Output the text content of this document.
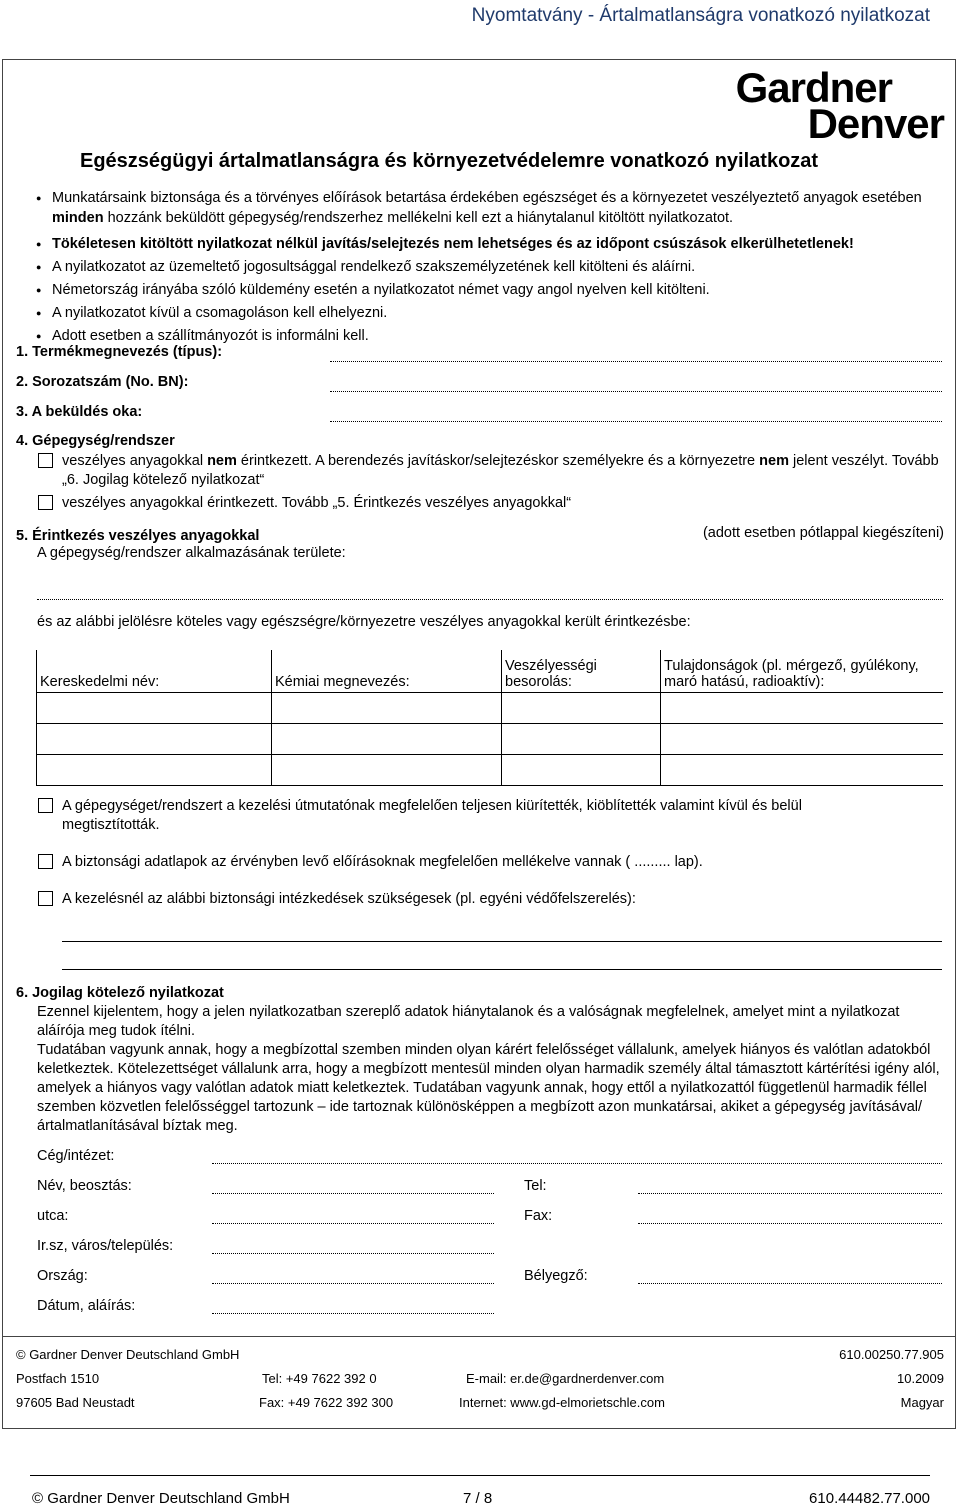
Nyomtatvány - Ártalmatlanságra vonatkozó nyilatkozat
Gardner
Denver
Egészségügyi ártalmatlanságra és környezetvédelemre vonatkozó nyilatkozat
● Munkatársaink biztonsága és a törvényes előírások betartása érdekében egészséget és a környezetet veszélyeztető anyagok esetében minden hozzánk beküldött gépegység/rendszerhez mellékelni kell ezt a hiánytalanul kitöltött nyilatkozatot.
● Tökéletesen kitöltött nyilatkozat nélkül javítás/selejtezés nem lehetséges és az időpont csúszások elkerülhetetlenek!
● A nyilatkozatot az üzemeltető jogosultsággal rendelkező szakszemélyzetének kell kitölteni és aláírni.
● Németország irányába szóló küldemény esetén a nyilatkozatot német vagy angol nyelven kell kitölteni.
● A nyilatkozatot kívül a csomagoláson kell elhelyezni.
● Adott esetben a szállítmányozót is informálni kell.
1. Termékmegnevezés (típus):
2. Sorozatszám (No. BN):
3. A beküldés oka:
4. Gépegység/rendszer
veszélyes anyagokkal nem érintkezett. A berendezés javításkor/selejtezéskor személyekre és a környezetre nem jelent veszélyt. Tovább „6. Jogilag kötelező nyilatkozat“
veszélyes anyagokkal érintkezett. Tovább „5. Érintkezés veszélyes anyagokkal“
5. Érintkezés veszélyes anyagokkal	(adott esetben pótlappal kiegészíteni)
A gépegység/rendszer alkalmazásának területe:
és az alábbi jelölésre köteles vagy egészségre/környezetre veszélyes anyagokkal került érintkezésbe:
Kereskedelmi név:	Kémiai megnevezés:	Veszélyességi besorolás:	Tulajdonságok (pl. mérgező, gyúlékony, maró hatású, radioaktív):

A gépegységet/rendszert a kezelési útmutatónak megfelelően teljesen kiürítették, kiöblítették valamint kívül és belül megtisztították.
A biztonsági adatlapok az érvényben levő előírásoknak megfelelően mellékelve vannak ( ......... lap).
A kezelésnél az alábbi biztonsági intézkedések szükségesek (pl. egyéni védőfelszerelés):
6. Jogilag kötelező nyilatkozat
Ezennel kijelentem, hogy a jelen nyilatkozatban szereplő adatok hiánytalanok és a valóságnak megfelelnek, amelyet mint a nyilatkozat aláírója meg tudok ítélni.
Tudatában vagyunk annak, hogy a megbízottal szemben minden olyan kárért felelősséget vállalunk, amelyek hiányos és valótlan adatokból keletkeztek. Kötelezettséget vállalunk arra, hogy a megbízott mentesül minden olyan harmadik személy által támasztott kártérítési igény alól, amelyek a hiányos vagy valótlan adatok miatt keletkeztek. Tudatában vagyunk annak, hogy ettől a nyilatkozattól függetlenül harmadik féllel szemben közvetlen felelősséggel tartozunk – ide tartoznak különösképpen a megbízott azon munkatársai, akiket a gépegység javításával/ártalmatlanításával bíztak meg.
Cég/intézet:
Név, beosztás:	Tel:
utca:	Fax:
Ir.sz, város/település:
Ország:	Bélyegző:
Dátum, aláírás:
© Gardner Denver Deutschland GmbH	610.00250.77.905
Postfach 1510	Tel: +49 7622 392 0	E-mail: er.de@gardnerdenver.com	10.2009
97605 Bad Neustadt	Fax: +49 7622 392 300	Internet: www.gd-elmorietschle.com	Magyar
© Gardner Denver Deutschland GmbH	7 / 8	610.44482.77.000
